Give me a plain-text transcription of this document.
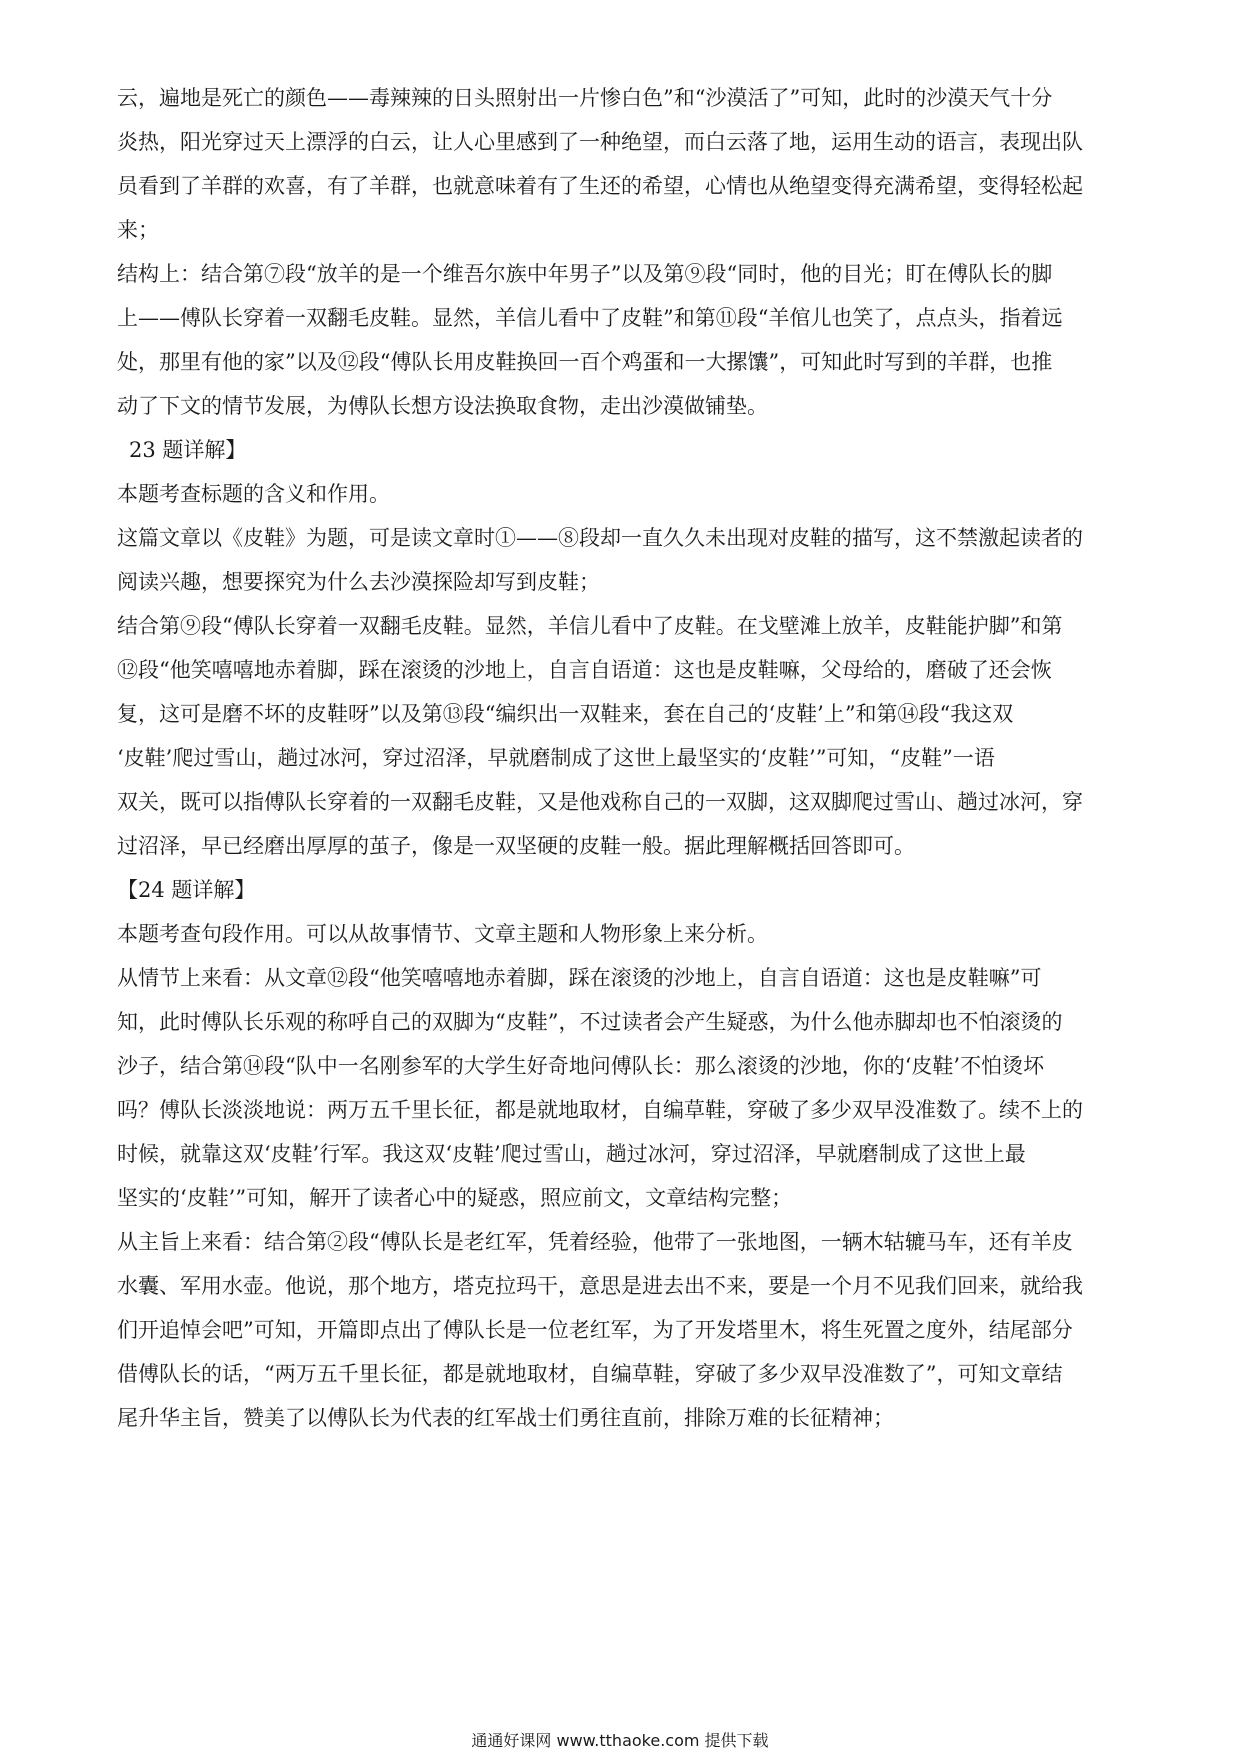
云，遍地是死亡的颜色——毒辣辣的日头照射出一片惨白色”和“沙漠活了”可知，此时的沙漠天气十分
炎热，阳光穿过天上漂浮的白云，让人心里感到了一种绝望，而白云落了地，运用生动的语言，表现出队
员看到了羊群的欢喜，有了羊群，也就意味着有了生还的希望，心情也从绝望变得充满希望，变得轻松起
来；
结构上：结合第⑦段“放羊的是一个维吾尔族中年男子”以及第⑨段“同时，他的目光；盯在傅队长的脚
上——傅队长穿着一双翻毛皮鞋。显然，羊信儿看中了皮鞋”和第⑪段“羊倌儿也笑了，点点头，指着远
处，那里有他的家”以及⑫段“傅队长用皮鞋换回一百个鸡蛋和一大摞馕”，可知此时写到的羊群，也推
动了下文的情节发展，为傅队长想方设法换取食物，走出沙漠做铺垫。
23 题详解】
本题考查标题的含义和作用。
这篇文章以《皮鞋》为题，可是读文章时①——⑧段却一直久久未出现对皮鞋的描写，这不禁激起读者的
阅读兴趣，想要探究为什么去沙漠探险却写到皮鞋；
结合第⑨段“傅队长穿着一双翻毛皮鞋。显然，羊信儿看中了皮鞋。在戈壁滩上放羊，皮鞋能护脚”和第
⑫段“他笑嘻嘻地赤着脚，踩在滚烫的沙地上，自言自语道：这也是皮鞋嘛，父母给的，磨破了还会恢
复，这可是磨不坏的皮鞋呀”以及第⑬段“编织出一双鞋来，套在自己的‘皮鞋’上”和第⑭段“我这双
‘皮鞋’爬过雪山，趟过冰河，穿过沼泽，早就磨制成了这世上最坚实的‘皮鞋’”可知，“皮鞋”一语
双关，既可以指傅队长穿着的一双翻毛皮鞋，又是他戏称自己的一双脚，这双脚爬过雪山、趟过冰河，穿
过沼泽，早已经磨出厚厚的茧子，像是一双坚硬的皮鞋一般。据此理解概括回答即可。
【24 题详解】
本题考查句段作用。可以从故事情节、文章主题和人物形象上来分析。
从情节上来看：从文章⑫段“他笑嘻嘻地赤着脚，踩在滚烫的沙地上，自言自语道：这也是皮鞋嘛”可
知，此时傅队长乐观的称呼自己的双脚为“皮鞋”，不过读者会产生疑惑，为什么他赤脚却也不怕滚烫的
沙子，结合第⑭段“队中一名刚参军的大学生好奇地问傅队长：那么滚烫的沙地，你的‘皮鞋’不怕烫坏
吗？傅队长淡淡地说：两万五千里长征，都是就地取材，自编草鞋，穿破了多少双早没准数了。续不上的
时候，就靠这双‘皮鞋’行军。我这双‘皮鞋’爬过雪山，趟过冰河，穿过沼泽，早就磨制成了这世上最
坚实的‘皮鞋’”可知，解开了读者心中的疑惑，照应前文，文章结构完整；
从主旨上来看：结合第②段“傅队长是老红军，凭着经验，他带了一张地图，一辆木轱辘马车，还有羊皮
水囊、军用水壶。他说，那个地方，塔克拉玛干，意思是进去出不来，要是一个月不见我们回来，就给我
们开追悼会吧”可知，开篇即点出了傅队长是一位老红军，为了开发塔里木，将生死置之度外，结尾部分
借傅队长的话，“两万五千里长征，都是就地取材，自编草鞋，穿破了多少双早没准数了”，可知文章结
尾升华主旨，赞美了以傅队长为代表的红军战士们勇往直前，排除万难的长征精神；
通通好课网 www.tthaoke.com 提供下载
